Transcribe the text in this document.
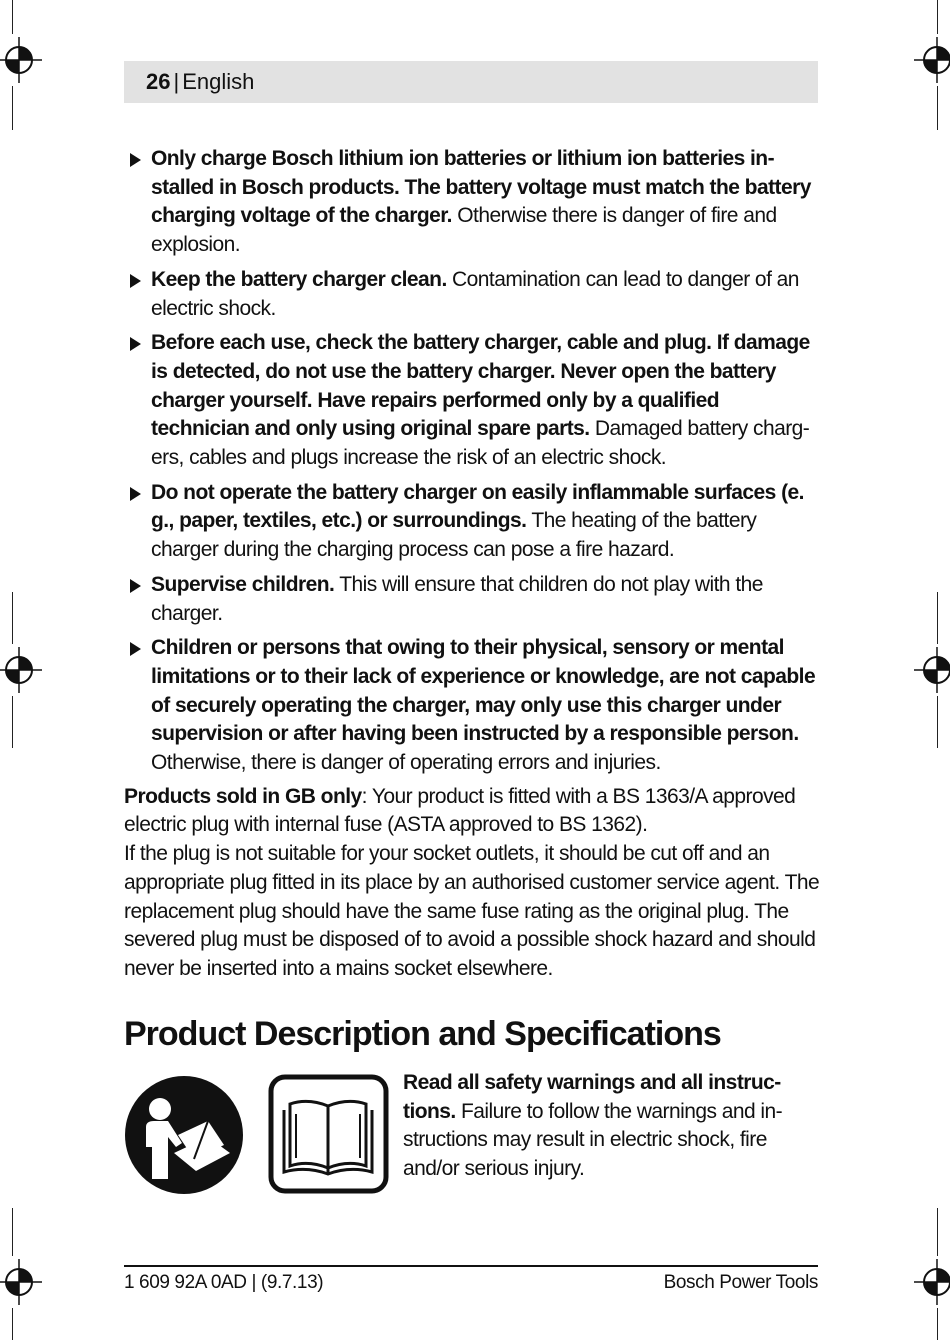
26 | English
Only charge Bosch lithium ion batteries or lithium ion batteries installed in Bosch products. The battery voltage must match the battery charging voltage of the charger. Otherwise there is danger of fire and explosion.
Keep the battery charger clean. Contamination can lead to danger of an electric shock.
Before each use, check the battery charger, cable and plug. If damage is detected, do not use the battery charger. Never open the battery charger yourself. Have repairs performed only by a qualified technician and only using original spare parts. Damaged battery chargers, cables and plugs increase the risk of an electric shock.
Do not operate the battery charger on easily inflammable surfaces (e. g., paper, textiles, etc.) or surroundings. The heating of the battery charger during the charging process can pose a fire hazard.
Supervise children. This will ensure that children do not play with the charger.
Children or persons that owing to their physical, sensory or mental limitations or to their lack of experience or knowledge, are not capable of securely operating the charger, may only use this charger under supervision or after having been instructed by a responsible person. Otherwise, there is danger of operating errors and injuries.

Products sold in GB only: Your product is fitted with a BS 1363/A approved electric plug with internal fuse (ASTA approved to BS 1362).

If the plug is not suitable for your socket outlets, it should be cut off and an appropriate plug fitted in its place by an authorised customer service agent. The replacement plug should have the same fuse rating as the original plug. The severed plug must be disposed of to avoid a possible shock hazard and should never be inserted into a mains socket elsewhere.

Product Description and Specifications

Read all safety warnings and all instructions. Failure to follow the warnings and instructions may result in electric shock, fire and/or serious injury.

1 609 92A 0AD | (9.7.13)	Bosch Power Tools
